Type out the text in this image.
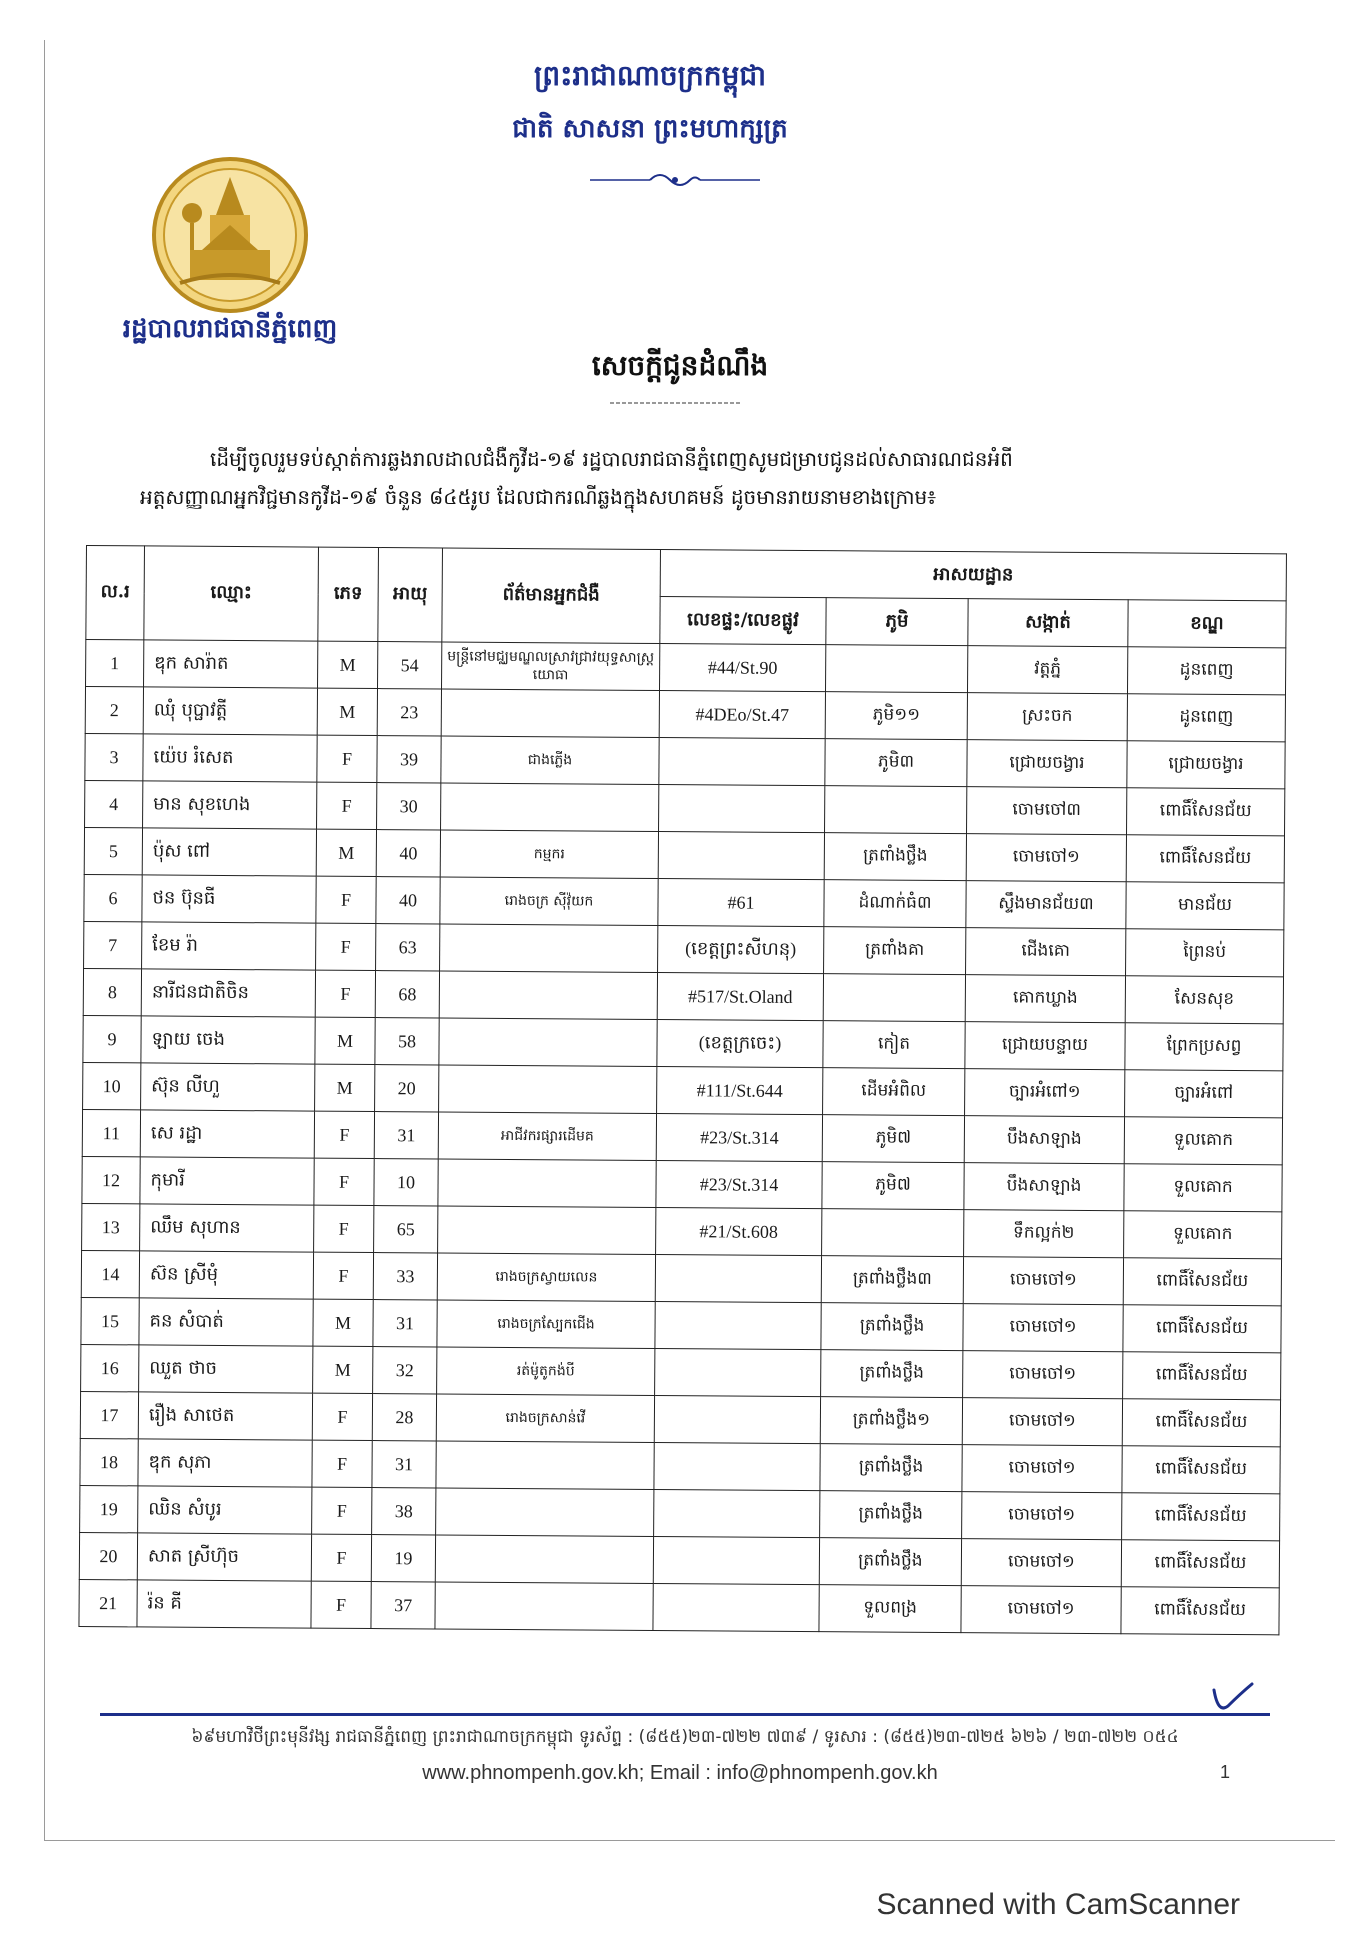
ព្រះរាជាណាចក្រកម្ពុជា
ជាតិ សាសនា ព្រះមហាក្សត្រ
រដ្ឋបាលរាជធានីភ្នំពេញ
សេចក្តីជូនដំណឹង

ដើម្បីចូលរួមទប់ស្កាត់ការឆ្លងរាលដាលជំងឺកូវីដ-១៩ រដ្ឋបាលរាជធានីភ្នំពេញសូមជម្រាបជូនដល់សាធារណជនអំពី

អត្តសញ្ញាណអ្នកវិជ្ជមានកូវីដ-១៩ ចំនួន ៨៤៥រូប ដែលជាករណីឆ្លងក្នុងសហគមន៍ ដូចមានរាយនាមខាងក្រោម៖

ល.រ	ឈ្មោះ	ភេទ	អាយុ	ព័ត៌មានអ្នកជំងឺ	អាសយដ្ឋាន			
					លេខផ្ទះ/លេខផ្លូវ	ភូមិ	សង្កាត់	ខណ្ឌ
1	ឌុក សារ៉ាត	M	54	មន្ត្រីនៅមជ្ឈមណ្ឌលស្រាវជ្រាវយុទ្ធសាស្ត្រយោធា	#44/St.90		វត្តភ្នំ	ដូនពេញ
2	ឈុំ បុប្ផាវត្តី	M	23		#4DEo/St.47	ភូមិ១១	ស្រះចក	ដូនពេញ
3	យ៉េប រំសេត	F	39	ជាងភ្លើង		ភូមិ៣	ជ្រោយចង្វារ	ជ្រោយចង្វារ
4	មាន សុខហេង	F	30				ចោមចៅ៣	ពោធិ៍សែនជ័យ
5	ប៉ុស ពៅ	M	40	កម្មករ		ត្រពាំងថ្លឹង	ចោមចៅ១	ពោធិ៍សែនជ័យ
6	ថន ប៊ុនធី	F	40	រោងចក្រ ស៊ីវ៉ុយក	#61	ដំណាក់ធំ៣	ស្ទឹងមានជ័យ៣	មានជ័យ
7	ខែម រ៉ា	F	63		(ខេត្តព្រះសីហនុ)	ត្រពាំងគា	ជើងគោ	ព្រៃនប់
8	នារីជនជាតិចិន	F	68		#517/St.Oland		គោកឃ្លាង	សែនសុខ
9	ឡាយ ចេង	M	58		(ខេត្តក្រចេះ)	កៀត	ជ្រោយបន្ទាយ	ព្រែកប្រសព្វ
10	ស៊ុន លីហួ	M	20		#111/St.644	ដើមអំពិល	ច្បារអំពៅ១	ច្បារអំពៅ
11	សេ រដ្ឋា	F	31	អាជីវករផ្សារដើមគ	#23/St.314	ភូមិ៧	បឹងសាឡាង	ទួលគោក
12	កុមារី	F	10		#23/St.314	ភូមិ៧	បឹងសាឡាង	ទួលគោក
13	ឈឹម សុហាន	F	65		#21/St.608		ទឹកល្អក់២	ទួលគោក
14	ស៊ន ស្រីមុំ	F	33	រោងចក្រស្វាយលេន		ត្រពាំងថ្លឹង៣	ចោមចៅ១	ពោធិ៍សែនជ័យ
15	គន សំបាត់	M	31	រោងចក្រស្បែកជើង		ត្រពាំងថ្លឹង	ចោមចៅ១	ពោធិ៍សែនជ័យ
16	ឈួត ថាច	M	32	រត់ម៉ូតូកង់បី		ត្រពាំងថ្លឹង	ចោមចៅ១	ពោធិ៍សែនជ័យ
17	រឿង សាថេត	F	28	រោងចក្រសាន់វើ		ត្រពាំងថ្លឹង១	ចោមចៅ១	ពោធិ៍សែនជ័យ
18	ឌុក សុភា	F	31			ត្រពាំងថ្លឹង	ចោមចៅ១	ពោធិ៍សែនជ័យ
19	ឈិន សំបូរ	F	38			ត្រពាំងថ្លឹង	ចោមចៅ១	ពោធិ៍សែនជ័យ
20	សាត ស្រីហ៊ុច	F	19			ត្រពាំងថ្លឹង	ចោមចៅ១	ពោធិ៍សែនជ័យ
21	រ៉ន គី	F	37			ទួលពង្រ	ចោមចៅ១	ពោធិ៍សែនជ័យ
៦៩មហាវិថីព្រះមុនីវង្ស រាជធានីភ្នំពេញ ព្រះរាជាណាចក្រកម្ពុជា ទូរស័ព្ទ : (៨៥៥)២៣-៧២២ ៧៣៩ / ទូរសារ : (៨៥៥)២៣-៧២៥ ៦២៦ / ២៣-៧២២ ០៥៤
www.phnompenh.gov.kh; Email : info@phnompenh.gov.kh	1
Scanned with CamScanner
